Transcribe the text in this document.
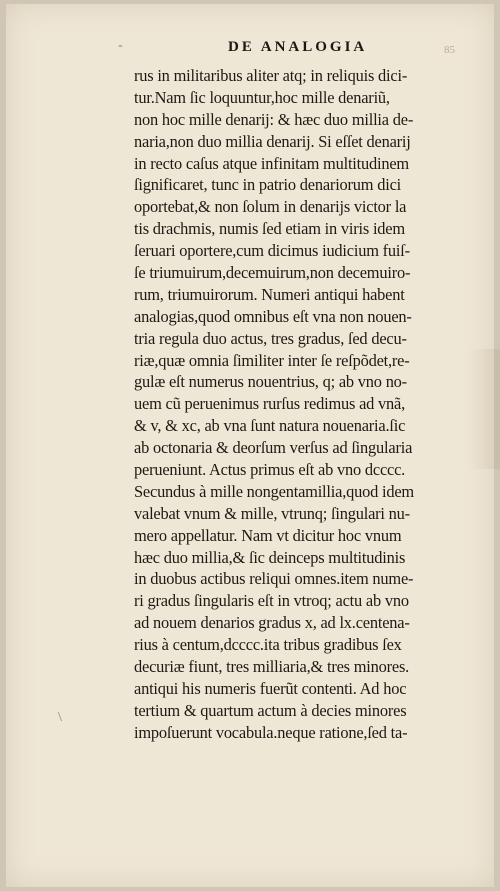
DE ANALOGIA	85
-
\
rus in militaribus aliter atq; in reliquis dici-
tur.Nam ſic loquuntur,hoc mille denariũ,
non hoc mille denarij: & hæc duo millia de-
naria,non duo millia denarij. Si eſſet denarij
in recto caſus atque infinitam multitudinem
ſignificaret, tunc in patrio denariorum dici
oportebat,& non ſolum in denarijs victor la
tis drachmis, numis ſed etiam in viris idem
ſeruari oportere,cum dicimus iudicium fuiſ-
ſe triumuirum,decemuirum,non decemuiro-
rum, triumuirorum. Numeri antiqui habent
analogias,quod omnibus eſt vna non nouen-
tria regula duo actus, tres gradus, ſed decu-
riæ,quæ omnia ſimiliter inter ſe reſpõdet,re-
gulæ eſt numerus nouentrius, q; ab vno no-
uem cũ peruenimus rurſus redimus ad vnã,
& v, & xc, ab vna ſunt natura nouenaria.ſic
ab octonaria & deorſum verſus ad ſingularia
perueniunt. Actus primus eſt ab vno dcccc.
Secundus à mille nongentamillia,quod idem
valebat vnum & mille, vtrunq; ſingulari nu-
mero appellatur. Nam vt dicitur hoc vnum
hæc duo millia,& ſic deinceps multitudinis
in duobus actibus reliqui omnes.item nume-
ri gradus ſingularis eſt in vtroq; actu ab vno
ad nouem denarios gradus x, ad lx.centena-
rius à centum,dcccc.ita tribus gradibus ſex
decuriæ fiunt, tres milliaria,& tres minores.
antiqui his numeris fuerũt contenti. Ad hoc
tertium & quartum actum à decies minores
impoſuerunt vocabula.neque ratione,ſed ta-
